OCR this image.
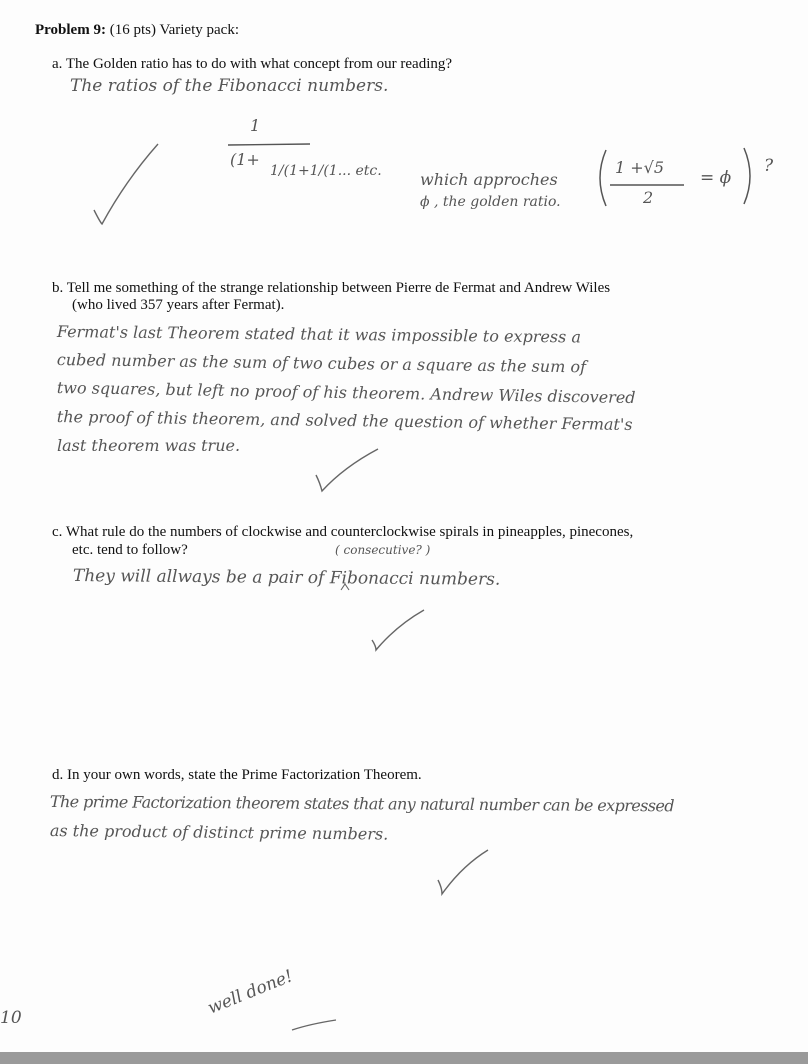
Problem 9: (16 pts) Variety pack:
a. The Golden ratio has to do with what concept from our reading?
The ratios of the Fibonacci numbers.
1
(1+
1/(1+1/(1... etc. which approches
ϕ , the golden ratio.
1 +√5
2
= ϕ
?
b. Tell me something of the strange relationship between Pierre de Fermat and Andrew Wiles
(who lived 357 years after Fermat).
Fermat's last Theorem stated that it was impossible to express a
cubed number as the sum of two cubes or a square as the sum of
two squares, but left no proof of his theorem. Andrew Wiles discovered
the proof of this theorem, and solved the question of whether Fermat's
last theorem was true.
c. What rule do the numbers of clockwise and counterclockwise spirals in pineapples, pinecones,
etc. tend to follow?	( consecutive? )
They will allways be a pair of Fibonacci numbers.
d. In your own words, state the Prime Factorization Theorem.
The prime Factorization theorem states that any natural number can be expressed
as the product of distinct prime numbers.
well done!
10
